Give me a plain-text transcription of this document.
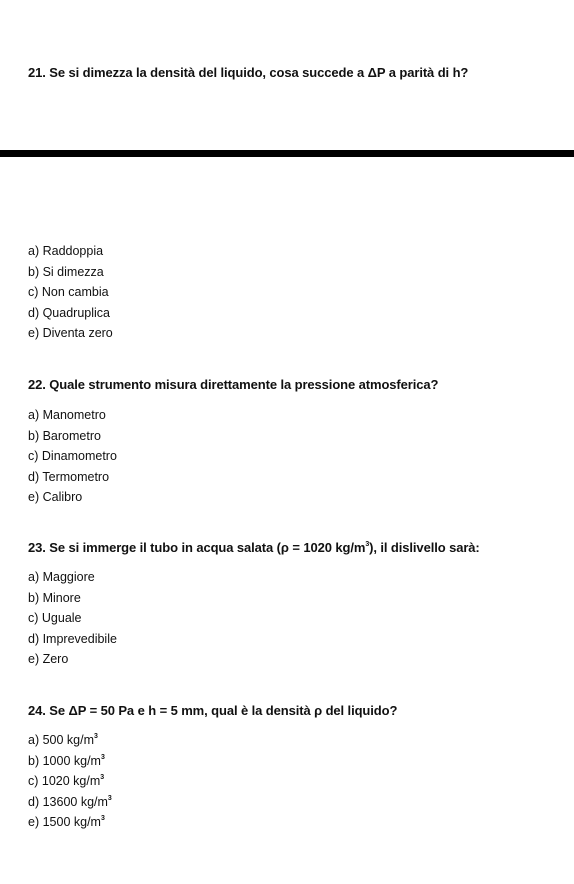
21. Se si dimezza la densità del liquido, cosa succede a ΔP a parità di h?
a) Raddoppia
b) Si dimezza
c) Non cambia
d) Quadruplica
e) Diventa zero
22. Quale strumento misura direttamente la pressione atmosferica?
a) Manometro
b) Barometro
c) Dinamometro
d) Termometro
e) Calibro
23. Se si immerge il tubo in acqua salata (ρ = 1020 $kg/m^3$), il dislivello sarà:
a) Maggiore
b) Minore
c) Uguale
d) Imprevedibile
e) Zero
24. Se ΔP = 50 Pa e h = 5 mm, qual è la densità ρ del liquido?
a) 500 $kg/m^3$
b) 1000 $kg/m^3$
c) 1020 $kg/m^3$
d) 13600 $kg/m^3$
e) 1500 $kg/m^3$
